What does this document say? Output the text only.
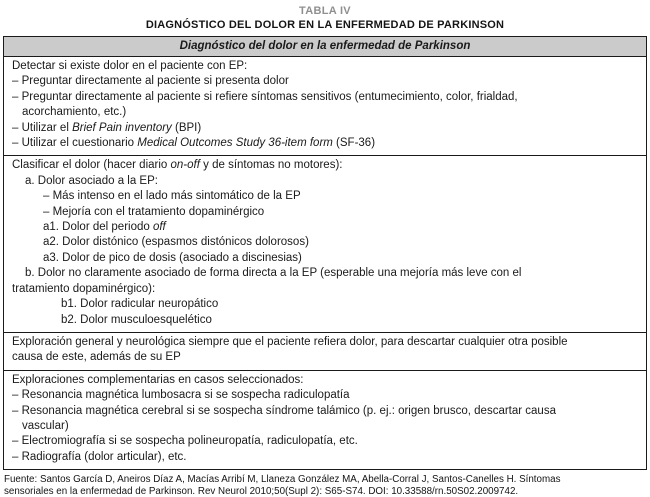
TABLA IV
DIAGNÓSTICO DEL DOLOR EN LA ENFERMEDAD DE PARKINSON
Diagnóstico del dolor en la enfermedad de Parkinson
Detectar si existe dolor en el paciente con EP:
– Preguntar directamente al paciente si presenta dolor
– Preguntar directamente al paciente si refiere síntomas sensitivos (entumecimiento, color, frialdad,
acorchamiento, etc.)
– Utilizar el Brief Pain inventory (BPI)
– Utilizar el cuestionario Medical Outcomes Study 36-item form (SF-36)
Clasificar el dolor (hacer diario on-off y de síntomas no motores):
a. Dolor asociado a la EP:
– Más intenso en el lado más sintomático de la EP
– Mejoría con el tratamiento dopaminérgico
a1. Dolor del periodo off
a2. Dolor distónico (espasmos distónicos dolorosos)
a3. Dolor de pico de dosis (asociado a discinesias)
b. Dolor no claramente asociado de forma directa a la EP (esperable una mejoría más leve con el
tratamiento dopaminérgico):
b1. Dolor radicular neuropático
b2. Dolor musculoesquelético
Exploración general y neurológica siempre que el paciente refiera dolor, para descartar cualquier otra posible
causa de este, además de su EP
Exploraciones complementarias en casos seleccionados:
– Resonancia magnética lumbosacra si se sospecha radiculopatía
– Resonancia magnética cerebral si se sospecha síndrome talámico (p. ej.: origen brusco, descartar causa
vascular)
– Electromiografía si se sospecha polineuropatía, radiculopatía, etc.
– Radiografía (dolor articular), etc.
Fuente: Santos García D, Aneiros Díaz A, Macías Arribí M, Llaneza González MA, Abella-Corral J, Santos-Canelles H. Síntomas
sensoriales en la enfermedad de Parkinson. Rev Neurol 2010;50(Supl 2): S65-S74. DOI: 10.33588/rn.50S02.2009742.
